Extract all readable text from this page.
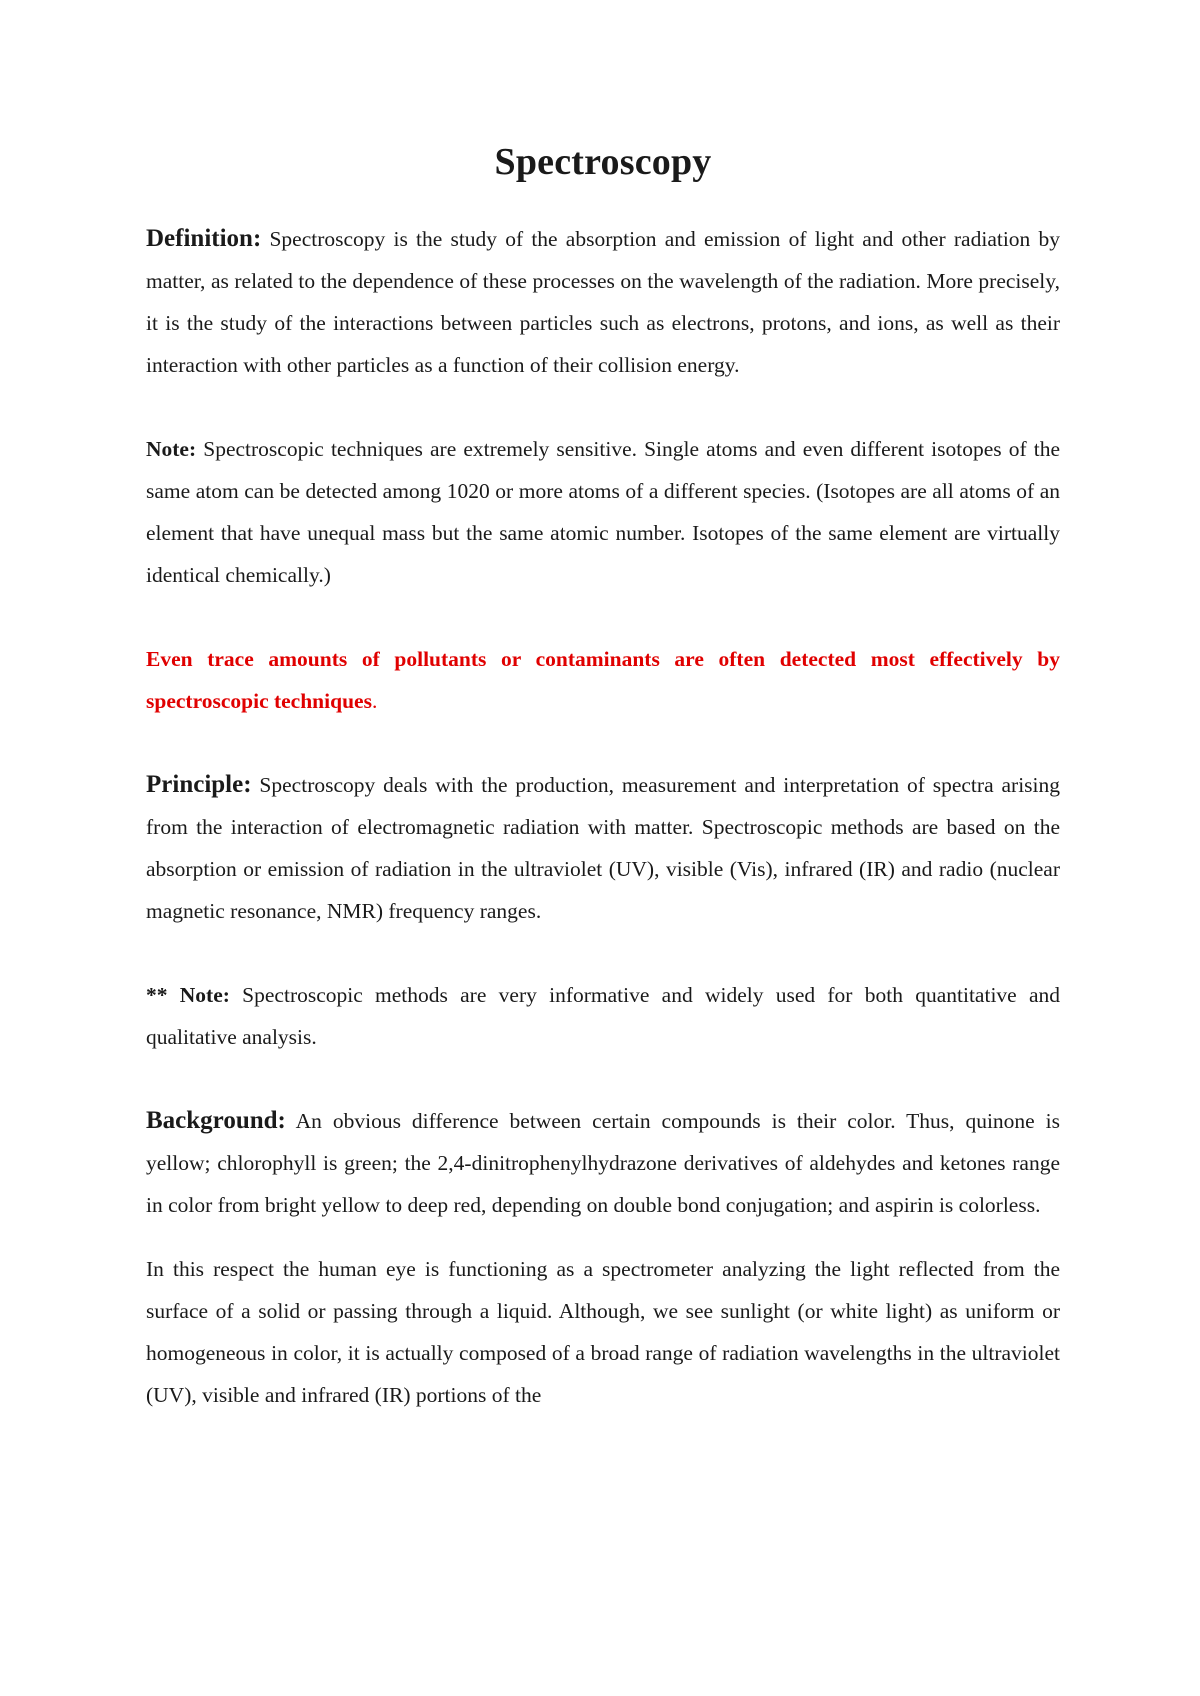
Spectroscopy

Definition: Spectroscopy is the study of the absorption and emission of light and other radiation by matter, as related to the dependence of these processes on the wavelength of the radiation. More precisely, it is the study of the interactions between particles such as electrons, protons, and ions, as well as their interaction with other particles as a function of their collision energy.

Note: Spectroscopic techniques are extremely sensitive. Single atoms and even different isotopes of the same atom can be detected among 1020 or more atoms of a different species. (Isotopes are all atoms of an element that have unequal mass but the same atomic number. Isotopes of the same element are virtually identical chemically.)

Even trace amounts of pollutants or contaminants are often detected most effectively by spectroscopic techniques.

Principle: Spectroscopy deals with the production, measurement and interpretation of spectra arising from the interaction of electromagnetic radiation with matter. Spectroscopic methods are based on the absorption or emission of radiation in the ultraviolet (UV), visible (Vis), infrared (IR) and radio (nuclear magnetic resonance, NMR) frequency ranges.

** Note: Spectroscopic methods are very informative and widely used for both quantitative and qualitative analysis.

Background: An obvious difference between certain compounds is their color. Thus, quinone is yellow; chlorophyll is green; the 2,4-dinitrophenylhydrazone derivatives of aldehydes and ketones range in color from bright yellow to deep red, depending on double bond conjugation; and aspirin is colorless.

In this respect the human eye is functioning as a spectrometer analyzing the light reflected from the surface of a solid or passing through a liquid. Although, we see sunlight (or white light) as uniform or homogeneous in color, it is actually composed of a broad range of radiation wavelengths in the ultraviolet (UV), visible and infrared (IR) portions of the
